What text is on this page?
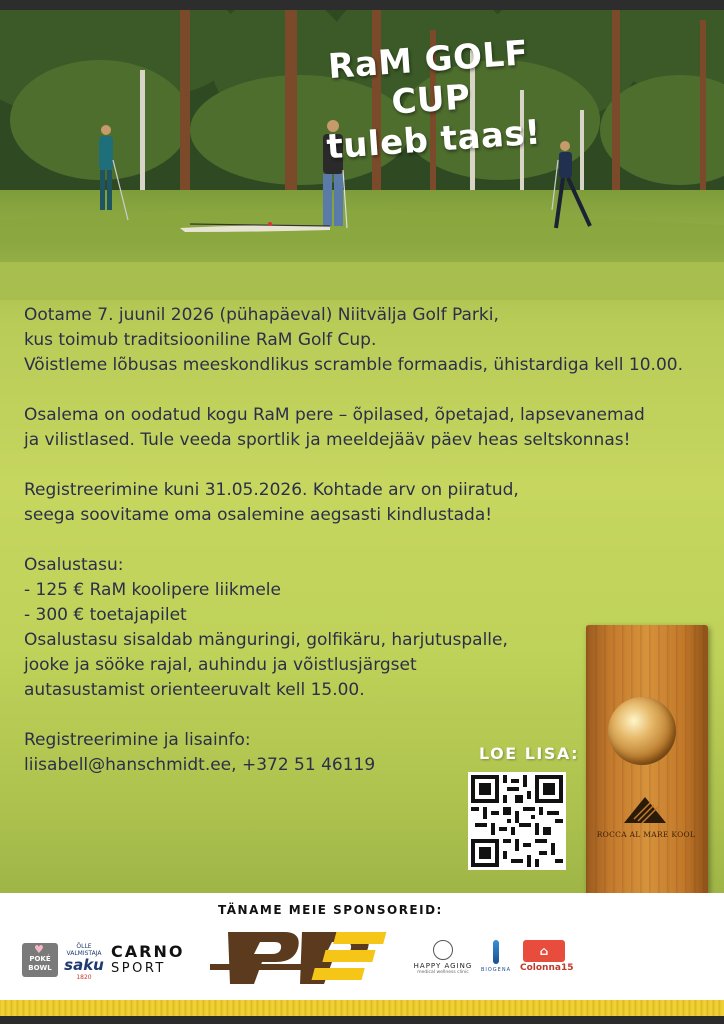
RaM GOLF CUP
tuleb taas!

Ootame 7. juunil 2026 (pühapäeval) Niitvälja Golf Parki,

kus toimub traditsiooniline RaM Golf Cup.

Võistleme lõbusas meeskondlikus scramble formaadis, ühistardiga kell 10.00.

Osalema on oodatud kogu RaM pere – õpilased, õpetajad, lapsevanemad

ja vilistlased. Tule veeda sportlik ja meeldejääv päev heas seltskonnas!

Registreerimine kuni 31.05.2026. Kohtade arv on piiratud,

seega soovitame oma osalemine aegsasti kindlustada!

Osalustasu:

- 125 € RaM koolipere liikmele

- 300 € toetajapilet

Osalustasu sisaldab mänguringi, golfikäru, harjutuspalle,

jooke ja sööke rajal, auhindu ja võistlusjärgset

autasustamist orienteeruvalt kell 15.00.

Registreerimine ja lisainfo:

liisabell@hanschmidt.ee, +372 51 46119

LOE LISA:
ROCCA AL MARE KOOL
TÄNAME MEIE SPONSOREID:
♥
POKÉ BOWL
ÕLLE VALMISTAJA
saku
1820
CARNO
SPORT	HAPPY AGING
medical wellness clinic	BIOGENA
⌂
Colonna15
